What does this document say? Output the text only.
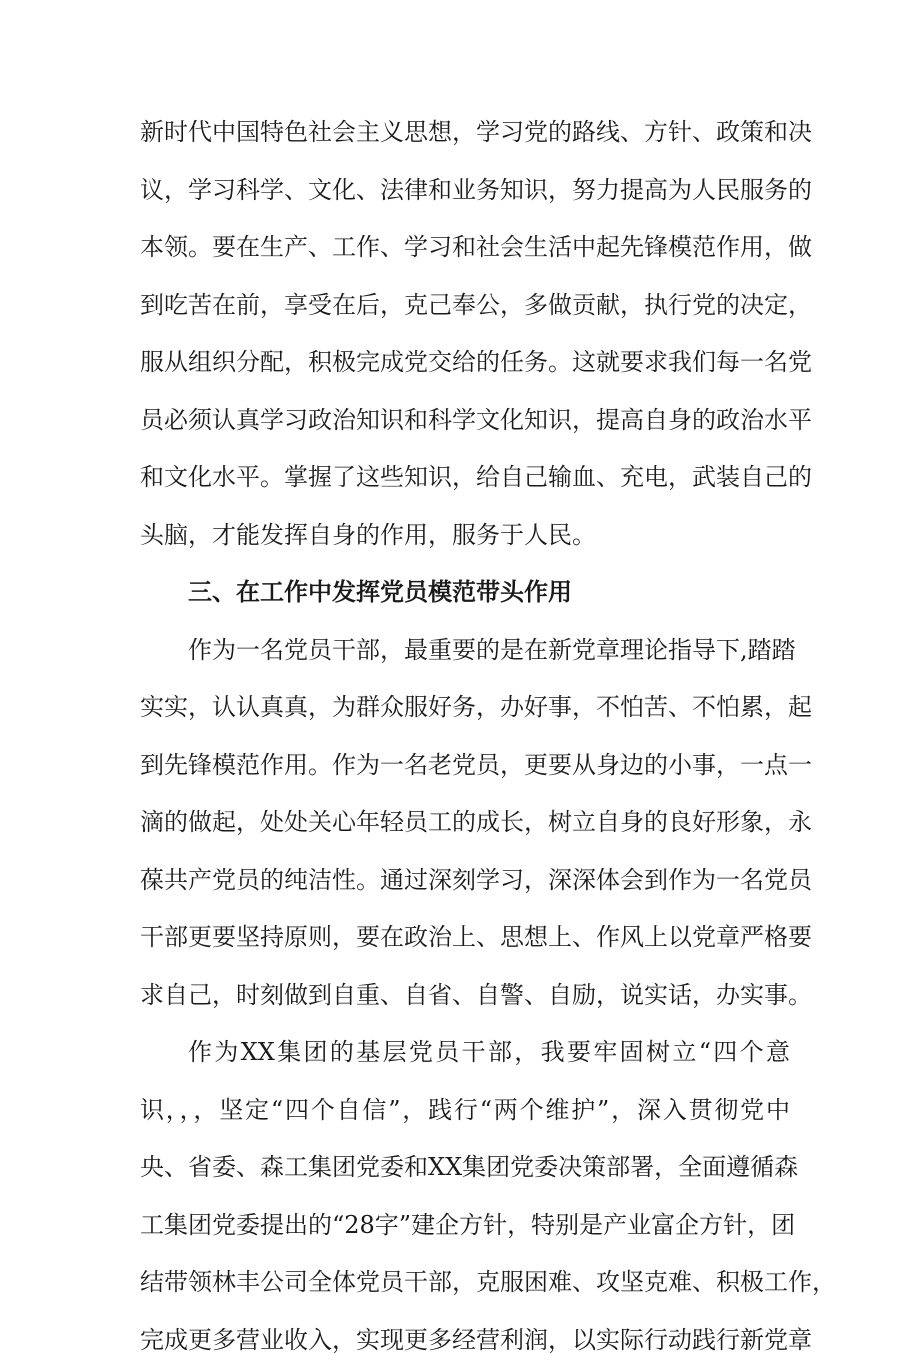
新时代中国特色社会主义思想，学习党的路线、方针、政策和决
议，学习科学、文化、法律和业务知识，努力提高为人民服务的
本领。要在生产、工作、学习和社会生活中起先锋模范作用，做
到吃苦在前，享受在后，克己奉公，多做贡献，执行党的决定，
服从组织分配，积极完成党交给的任务。这就要求我们每一名党
员必须认真学习政治知识和科学文化知识，提高自身的政治水平
和文化水平。掌握了这些知识，给自己输血、充电，武装自己的
头脑，才能发挥自身的作用，服务于人民。
三、在工作中发挥党员模范带头作用
作为一名党员干部，最重要的是在新党章理论指导下,踏踏
实实，认认真真，为群众服好务，办好事，不怕苦、不怕累，起
到先锋模范作用。作为一名老党员，更要从身边的小事，一点一
滴的做起，处处关心年轻员工的成长，树立自身的良好形象，永
葆共产党员的纯洁性。通过深刻学习，深深体会到作为一名党员
干部更要坚持原则，要在政治上、思想上、作风上以党章严格要
求自己，时刻做到自重、自省、自警、自励，说实话，办实事。
作为XX集团的基层党员干部，我要牢固树立“四个意
识，，，坚定“四个自信”，践行“两个维护”，深入贯彻党中
央、省委、森工集团党委和XX集团党委决策部署，全面遵循森
工集团党委提出的“28字”建企方针，特别是产业富企方针，团
结带领林丰公司全体党员干部，克服困难、攻坚克难、积极工作，
完成更多营业收入，实现更多经营利润，以实际行动践行新党章
